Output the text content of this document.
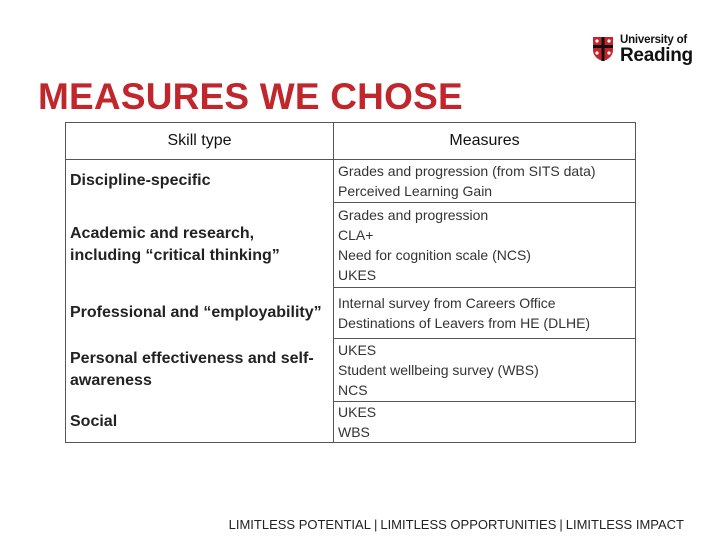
University of
Reading
MEASURES WE CHOSE
Skill type	Measures
Discipline-specific	Grades and progression (from SITS data)
Perceived Learning Gain

Academic and research, including “critical thinking”	Grades and progression
CLA+
Need for cognition scale (NCS)
UKES

Professional and “employability”	Internal survey from Careers Office
Destinations of Leavers from HE (DLHE)

Personal effectiveness and self-awareness	UKES
Student wellbeing survey (WBS)
NCS

Social	UKES
WBS
LIMITLESS POTENTIAL | LIMITLESS OPPORTUNITIES | LIMITLESS IMPACT
